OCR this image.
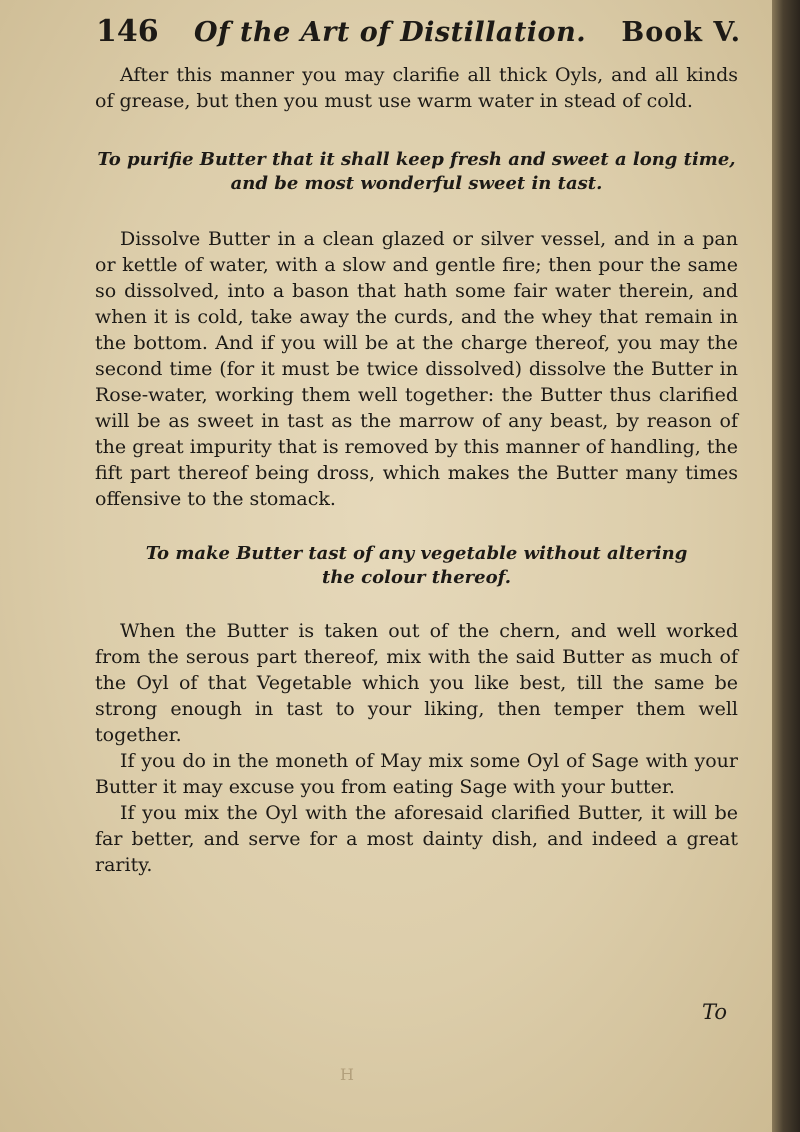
146 Of the Art of Distillation. Book V.

After this manner you may clarifie all thick Oyls, and all kinds of grease, but then you must use warm water in stead of cold.

To purifie Butter that it shall keep fresh and sweet a long time,
and be most wonderful sweet in tast.

Dissolve Butter in a clean glazed or silver vessel, and in a pan or kettle of water, with a slow and gentle fire; then pour the same so dissolved, into a bason that hath some fair water therein, and when it is cold, take away the curds, and the whey that remain in the bottom. And if you will be at the charge thereof, you may the second time (for it must be twice dissolved) dissolve the Butter in Rose-water, working them well together: the Butter thus clarified will be as sweet in tast as the marrow of any beast, by reason of the great impurity that is removed by this manner of handling, the fift part thereof being dross, which makes the Butter many times offensive to the stomack.

To make Butter tast of any vegetable without altering
the colour thereof.

When the Butter is taken out of the chern, and well worked from the serous part thereof, mix with the said Butter as much of the Oyl of that Vegetable which you like best, till the same be strong enough in tast to your liking, then temper them well together.

If you do in the moneth of May mix some Oyl of Sage with your Butter it may excuse you from eating Sage with your butter.

If you mix the Oyl with the aforesaid clarified Butter, it will be far better, and serve for a most dainty dish, and indeed a great rarity.

To
H
